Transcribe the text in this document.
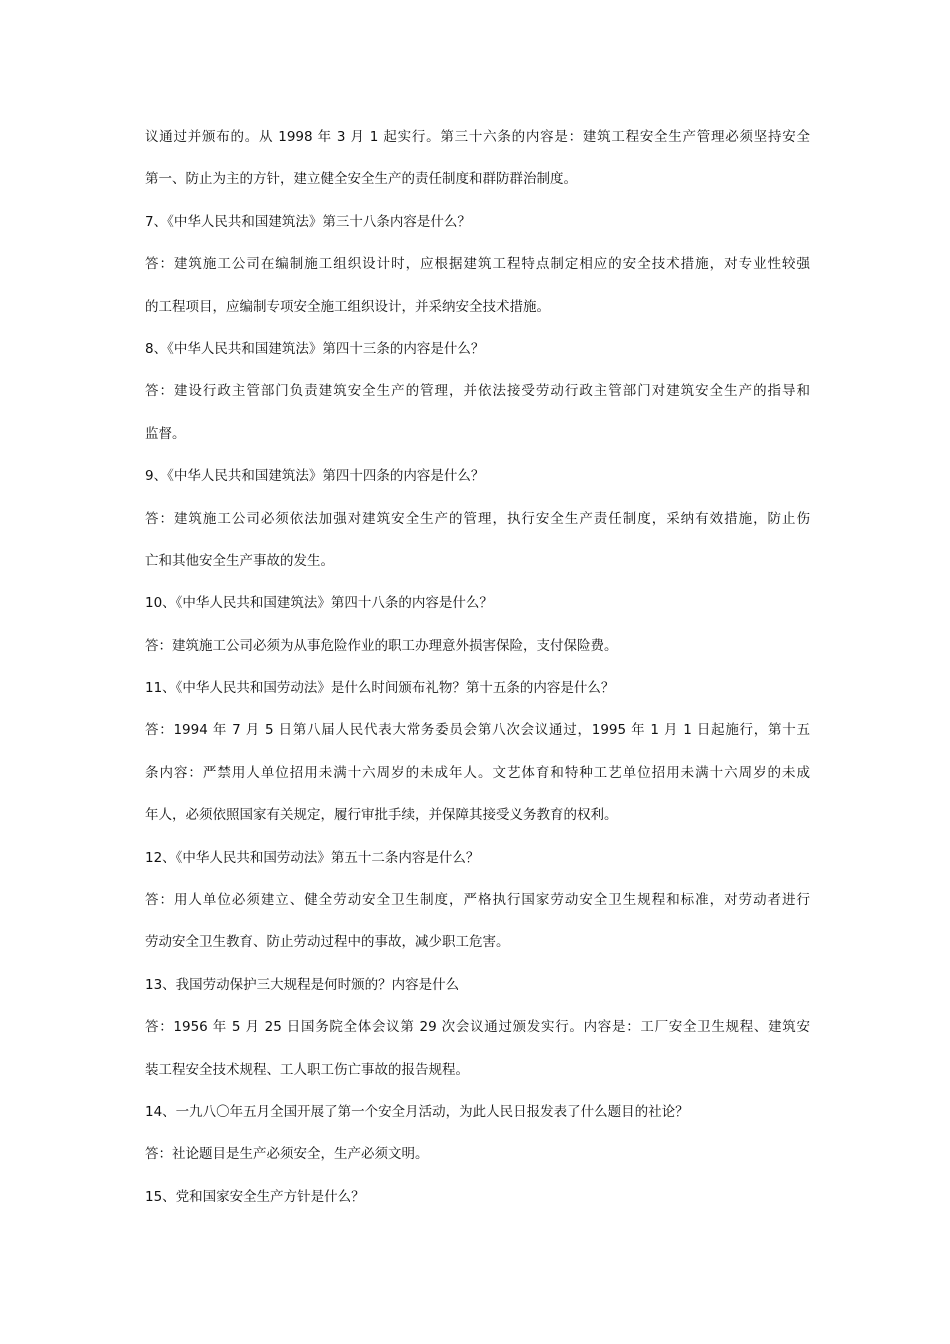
议通过并颁布的。从 1998 年 3 月 1 起实行。第三十六条的内容是：建筑工程安全生产管理必须坚持安全
第一、防止为主的方针，建立健全安全生产的责任制度和群防群治制度。
7、《中华人民共和国建筑法》第三十八条内容是什么？
答：建筑施工公司在编制施工组织设计时，应根据建筑工程特点制定相应的安全技术措施，对专业性较强
的工程项目，应编制专项安全施工组织设计，并采纳安全技术措施。
8、《中华人民共和国建筑法》第四十三条的内容是什么？
答：建设行政主管部门负责建筑安全生产的管理，并依法接受劳动行政主管部门对建筑安全生产的指导和
监督。
9、《中华人民共和国建筑法》第四十四条的内容是什么？
答：建筑施工公司必须依法加强对建筑安全生产的管理，执行安全生产责任制度，采纳有效措施，防止伤
亡和其他安全生产事故的发生。
10、《中华人民共和国建筑法》第四十八条的内容是什么？
答：建筑施工公司必须为从事危险作业的职工办理意外损害保险，支付保险费。
11、《中华人民共和国劳动法》是什么时间颁布礼物？第十五条的内容是什么？
答：1994 年 7 月 5 日第八届人民代表大常务委员会第八次会议通过，1995 年 1 月 1 日起施行，第十五
条内容：严禁用人单位招用未满十六周岁的未成年人。文艺体育和特种工艺单位招用未满十六周岁的未成
年人，必须依照国家有关规定，履行审批手续，并保障其接受义务教育的权利。
12、《中华人民共和国劳动法》第五十二条内容是什么？
答：用人单位必须建立、健全劳动安全卫生制度，严格执行国家劳动安全卫生规程和标准，对劳动者进行
劳动安全卫生教育、防止劳动过程中的事故，减少职工危害。
13、我国劳动保护三大规程是何时颁的？内容是什么
答：1956 年 5 月 25 日国务院全体会议第 29 次会议通过颁发实行。内容是：工厂安全卫生规程、建筑安
装工程安全技术规程、工人职工伤亡事故的报告规程。
14、一九八〇年五月全国开展了第一个安全月活动，为此人民日报发表了什么题目的社论？
答：社论题目是生产必须安全，生产必须文明。
15、党和国家安全生产方针是什么？
